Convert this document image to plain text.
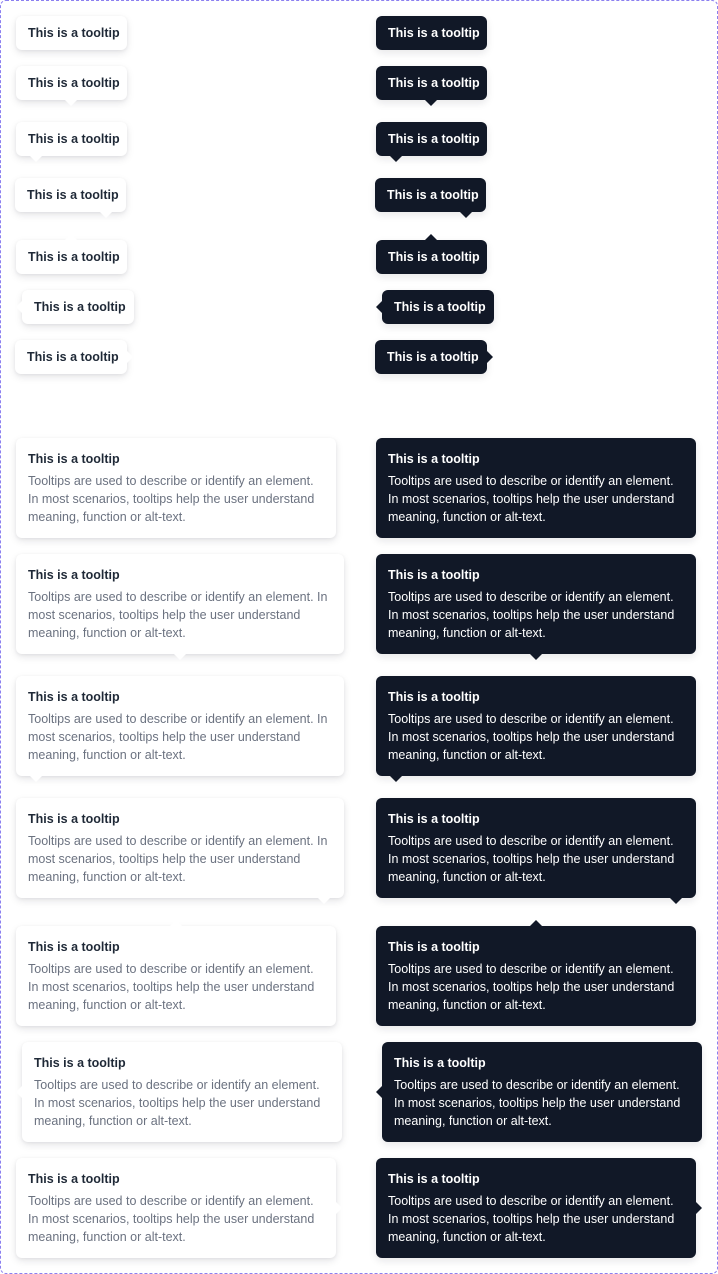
This is a tooltip	This is a tooltip
This is a tooltip	This is a tooltip
This is a tooltip	This is a tooltip
This is a tooltip	This is a tooltip
This is a tooltip	This is a tooltip
This is a tooltip	This is a tooltip
This is a tooltip	This is a tooltip
This is a tooltip
Tooltips are used to describe or identify an element. In most scenarios, tooltips help the user understand meaning, function or alt-text.
This is a tooltip
Tooltips are used to describe or identify an element. In most scenarios, tooltips help the user understand meaning, function or alt-text.
This is a tooltip
Tooltips are used to describe or identify an element. In most scenarios, tooltips help the user understand meaning, function or alt-text.
This is a tooltip
Tooltips are used to describe or identify an element. In most scenarios, tooltips help the user understand meaning, function or alt-text.
This is a tooltip
Tooltips are used to describe or identify an element. In most scenarios, tooltips help the user understand meaning, function or alt-text.
This is a tooltip
Tooltips are used to describe or identify an element. In most scenarios, tooltips help the user understand meaning, function or alt-text.
This is a tooltip
Tooltips are used to describe or identify an element. In most scenarios, tooltips help the user understand meaning, function or alt-text.
This is a tooltip
Tooltips are used to describe or identify an element. In most scenarios, tooltips help the user understand meaning, function or alt-text.
This is a tooltip
Tooltips are used to describe or identify an element. In most scenarios, tooltips help the user understand meaning, function or alt-text.
This is a tooltip
Tooltips are used to describe or identify an element. In most scenarios, tooltips help the user understand meaning, function or alt-text.
This is a tooltip
Tooltips are used to describe or identify an element. In most scenarios, tooltips help the user understand meaning, function or alt-text.
This is a tooltip
Tooltips are used to describe or identify an element. In most scenarios, tooltips help the user understand meaning, function or alt-text.
This is a tooltip
Tooltips are used to describe or identify an element. In most scenarios, tooltips help the user understand meaning, function or alt-text.
This is a tooltip
Tooltips are used to describe or identify an element. In most scenarios, tooltips help the user understand meaning, function or alt-text.
